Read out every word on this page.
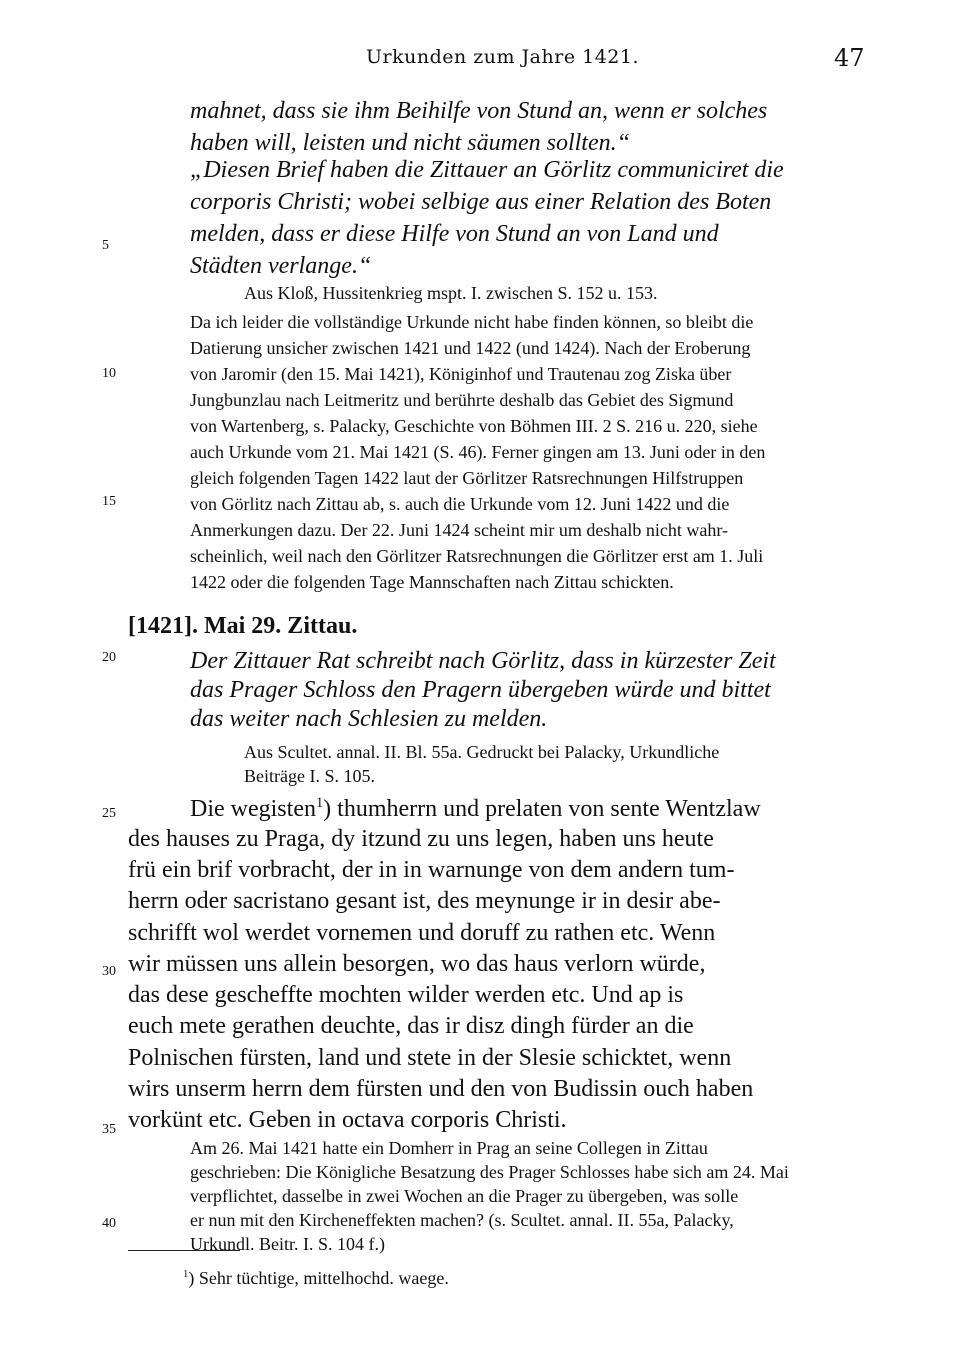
Urkunden zum Jahre 1421.	47
5
10
15
20
25
30
35
40
mahnet, dass sie ihm Beihilfe von Stund an, wenn er solches
haben will, leisten und nicht säumen sollten.“
„Diesen Brief haben die Zittauer an Görlitz communiciret die
corporis Christi; wobei selbige aus einer Relation des Boten
melden, dass er diese Hilfe von Stund an von Land und
Städten verlange.“
Aus Kloß, Hussitenkrieg mspt. I. zwischen S. 152 u. 153.
Da ich leider die vollständige Urkunde nicht habe finden können, so bleibt die
Datierung unsicher zwischen 1421 und 1422 (und 1424). Nach der Eroberung
von Jaromir (den 15. Mai 1421), Königinhof und Trautenau zog Ziska über
Jungbunzlau nach Leitmeritz und berührte deshalb das Gebiet des Sigmund
von Wartenberg, s. Palacky, Geschichte von Böhmen III. 2 S. 216 u. 220, siehe
auch Urkunde vom 21. Mai 1421 (S. 46). Ferner gingen am 13. Juni oder in den
gleich folgenden Tagen 1422 laut der Görlitzer Ratsrechnungen Hilfstruppen
von Görlitz nach Zittau ab, s. auch die Urkunde vom 12. Juni 1422 und die
Anmerkungen dazu. Der 22. Juni 1424 scheint mir um deshalb nicht wahr-
scheinlich, weil nach den Görlitzer Ratsrechnungen die Görlitzer erst am 1. Juli
1422 oder die folgenden Tage Mannschaften nach Zittau schickten.
[1421]. Mai 29. Zittau.
Der Zittauer Rat schreibt nach Görlitz, dass in kürzester Zeit
das Prager Schloss den Pragern übergeben würde und bittet
das weiter nach Schlesien zu melden.
Aus Scultet. annal. II. Bl. 55a. Gedruckt bei Palacky, Urkundliche
Beiträge I. S. 105.
Die wegisten$^1$) thumherrn und prelaten von sente Wentzlaw
des hauses zu Praga, dy itzund zu uns legen, haben uns heute
frü ein brif vorbracht, der in in warnunge von dem andern tum-
herrn oder sacristano gesant ist, des meynunge ir in desir abe-
schrifft wol werdet vornemen und doruff zu rathen etc. Wenn
wir müssen uns allein besorgen, wo das haus verlorn würde,
das dese gescheffte mochten wilder werden etc. Und ap is
euch mete gerathen deuchte, das ir disz dingh fürder an die
Polnischen fürsten, land und stete in der Slesie schicktet, wenn
wirs unserm herrn dem fürsten und den von Budissin ouch haben
vorkünt etc. Geben in octava corporis Christi.
Am 26. Mai 1421 hatte ein Domherr in Prag an seine Collegen in Zittau
geschrieben: Die Königliche Besatzung des Prager Schlosses habe sich am 24. Mai
verpflichtet, dasselbe in zwei Wochen an die Prager zu übergeben, was solle
er nun mit den Kircheneffekten machen? (s. Scultet. annal. II. 55a, Palacky,
Urkundl. Beitr. I. S. 104 f.)
$^1$) Sehr tüchtige, mittelhochd. waege.
